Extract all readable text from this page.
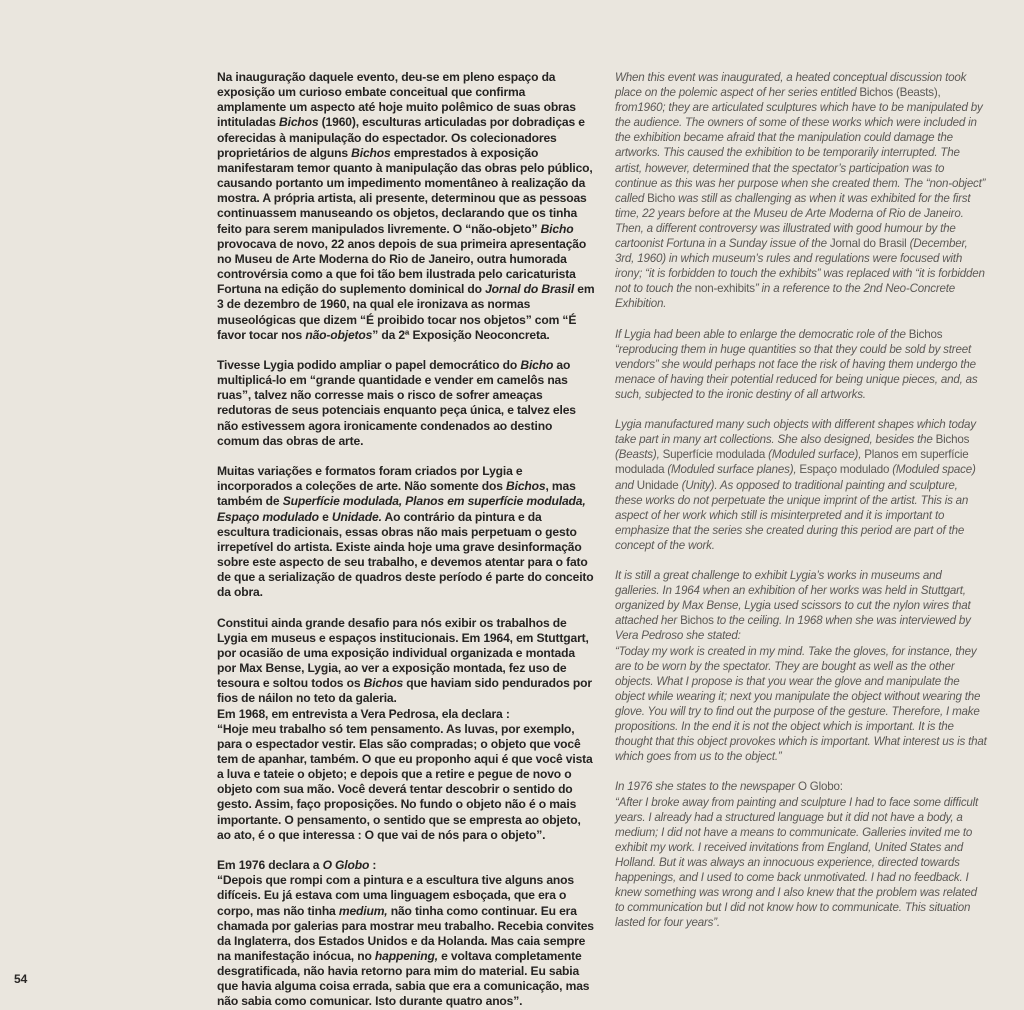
Na inauguração daquele evento, deu-se em pleno espaço da exposição um curioso embate conceitual que confirma amplamente um aspecto até hoje muito polêmico de suas obras intituladas Bichos (1960), esculturas articuladas por dobradiças e oferecidas à manipulação do espectador. Os colecionadores proprietários de alguns Bichos emprestados à exposição manifestaram temor quanto à manipulação das obras pelo público, causando portanto um impedimento momentâneo à realização da mostra. A própria artista, ali presente, determinou que as pessoas continuassem manuseando os objetos, declarando que os tinha feito para serem manipulados livremente. O “não-objeto” Bicho provocava de novo, 22 anos depois de sua primeira apresentação no Museu de Arte Moderna do Rio de Janeiro, outra humorada controvérsia como a que foi tão bem ilustrada pelo caricaturista Fortuna na edição do suplemento dominical do Jornal do Brasil em 3 de dezembro de 1960, na qual ele ironizava as normas museológicas que dizem “É proibido tocar nos objetos” com “É favor tocar nos não-objetos” da 2ª Exposição Neoconcreta.

Tivesse Lygia podido ampliar o papel democrático do Bicho ao multiplicá-lo em “grande quantidade e vender em camelôs nas ruas”, talvez não corresse mais o risco de sofrer ameaças redutoras de seus potenciais enquanto peça única, e talvez eles não estivessem agora ironicamente condenados ao destino comum das obras de arte.

Muitas variações e formatos foram criados por Lygia e incorporados a coleções de arte. Não somente dos Bichos, mas também de Superfície modulada, Planos em superfície modulada, Espaço modulado e Unidade. Ao contrário da pintura e da escultura tradicionais, essas obras não mais perpetuam o gesto irrepetível do artista. Existe ainda hoje uma grave desinformação sobre este aspecto de seu trabalho, e devemos atentar para o fato de que a serialização de quadros deste período é parte do conceito da obra.

Constitui ainda grande desafio para nós exibir os trabalhos de Lygia em museus e espaços institucionais. Em 1964, em Stuttgart, por ocasião de uma exposição individual organizada e montada por Max Bense, Lygia, ao ver a exposição montada, fez uso de tesoura e soltou todos os Bichos que haviam sido pendurados por fios de náilon no teto da galeria.

Em 1968, em entrevista a Vera Pedrosa, ela declara :

“Hoje meu trabalho só tem pensamento. As luvas, por exemplo, para o espectador vestir. Elas são compradas; o objeto que você tem de apanhar, também. O que eu proponho aqui é que você vista a luva e tateie o objeto; e depois que a retire e pegue de novo o objeto com sua mão. Você deverá tentar descobrir o sentido do gesto. Assim, faço proposições. No fundo o objeto não é o mais importante. O pensamento, o sentido que se empresta ao objeto, ao ato, é o que interessa : O que vai de nós para o objeto”.

Em 1976 declara a O Globo :

“Depois que rompi com a pintura e a escultura tive alguns anos difíceis. Eu já estava com uma linguagem esboçada, que era o corpo, mas não tinha medium, não tinha como continuar. Eu era chamada por galerias para mostrar meu trabalho. Recebia convites da Inglaterra, dos Estados Unidos e da Holanda. Mas caia sempre na manifestação inócua, no happening, e voltava completamente desgratificada, não havia retorno para mim do material. Eu sabia que havia alguma coisa errada, sabia que era a comunicação, mas não sabia como comunicar. Isto durante quatro anos”.

When this event was inaugurated, a heated conceptual discussion took place on the polemic aspect of her series entitled Bichos (Beasts), from1960; they are articulated sculptures which have to be manipulated by the audience. The owners of some of these works which were included in the exhibition became afraid that the manipulation could damage the artworks. This caused the exhibition to be temporarily interrupted. The artist, however, determined that the spectator’s participation was to continue as this was her purpose when she created them. The “non-object” called Bicho was still as challenging as when it was exhibited for the first time, 22 years before at the Museu de Arte Moderna of Rio de Janeiro. Then, a different controversy was illustrated with good humour by the cartoonist Fortuna in a Sunday issue of the Jornal do Brasil (December, 3rd, 1960) in which museum’s rules and regulations were focused with irony; “it is forbidden to touch the exhibits” was replaced with “it is forbidden not to touch the non-exhibits” in a reference to the 2nd Neo-Concrete Exhibition.

If Lygia had been able to enlarge the democratic role of the Bichos “reproducing them in huge quantities so that they could be sold by street vendors” she would perhaps not face the risk of having them undergo the menace of having their potential reduced for being unique pieces, and, as such, subjected to the ironic destiny of all artworks.

Lygia manufactured many such objects with different shapes which today take part in many art collections. She also designed, besides the Bichos (Beasts), Superfície modulada (Moduled surface), Planos em superfície modulada (Moduled surface planes), Espaço modulado (Moduled space) and Unidade (Unity). As opposed to traditional painting and sculpture, these works do not perpetuate the unique imprint of the artist. This is an aspect of her work which still is misinterpreted and it is important to emphasize that the series she created during this period are part of the concept of the work.

It is still a great challenge to exhibit Lygia’s works in museums and galleries. In 1964 when an exhibition of her works was held in Stuttgart, organized by Max Bense, Lygia used scissors to cut the nylon wires that attached her Bichos to the ceiling. In 1968 when she was interviewed by Vera Pedroso she stated:

“Today my work is created in my mind. Take the gloves, for instance, they are to be worn by the spectator. They are bought as well as the other objects. What I propose is that you wear the glove and manipulate the object while wearing it; next you manipulate the object without wearing the glove. You will try to find out the purpose of the gesture. Therefore, I make propositions. In the end it is not the object which is important. It is the thought that this object provokes which is important. What interest us is that which goes from us to the object.”

In 1976 she states to the newspaper O Globo:

“After I broke away from painting and sculpture I had to face some difficult years. I already had a structured language but it did not have a body, a medium; I did not have a means to communicate. Galleries invited me to exhibit my work. I received invitations from England, United States and Holland. But it was always an innocuous experience, directed towards happenings, and I used to come back unmotivated. I had no feedback. I knew something was wrong and I also knew that the problem was related to communication but I did not know how to communicate. This situation lasted for four years”.

54
